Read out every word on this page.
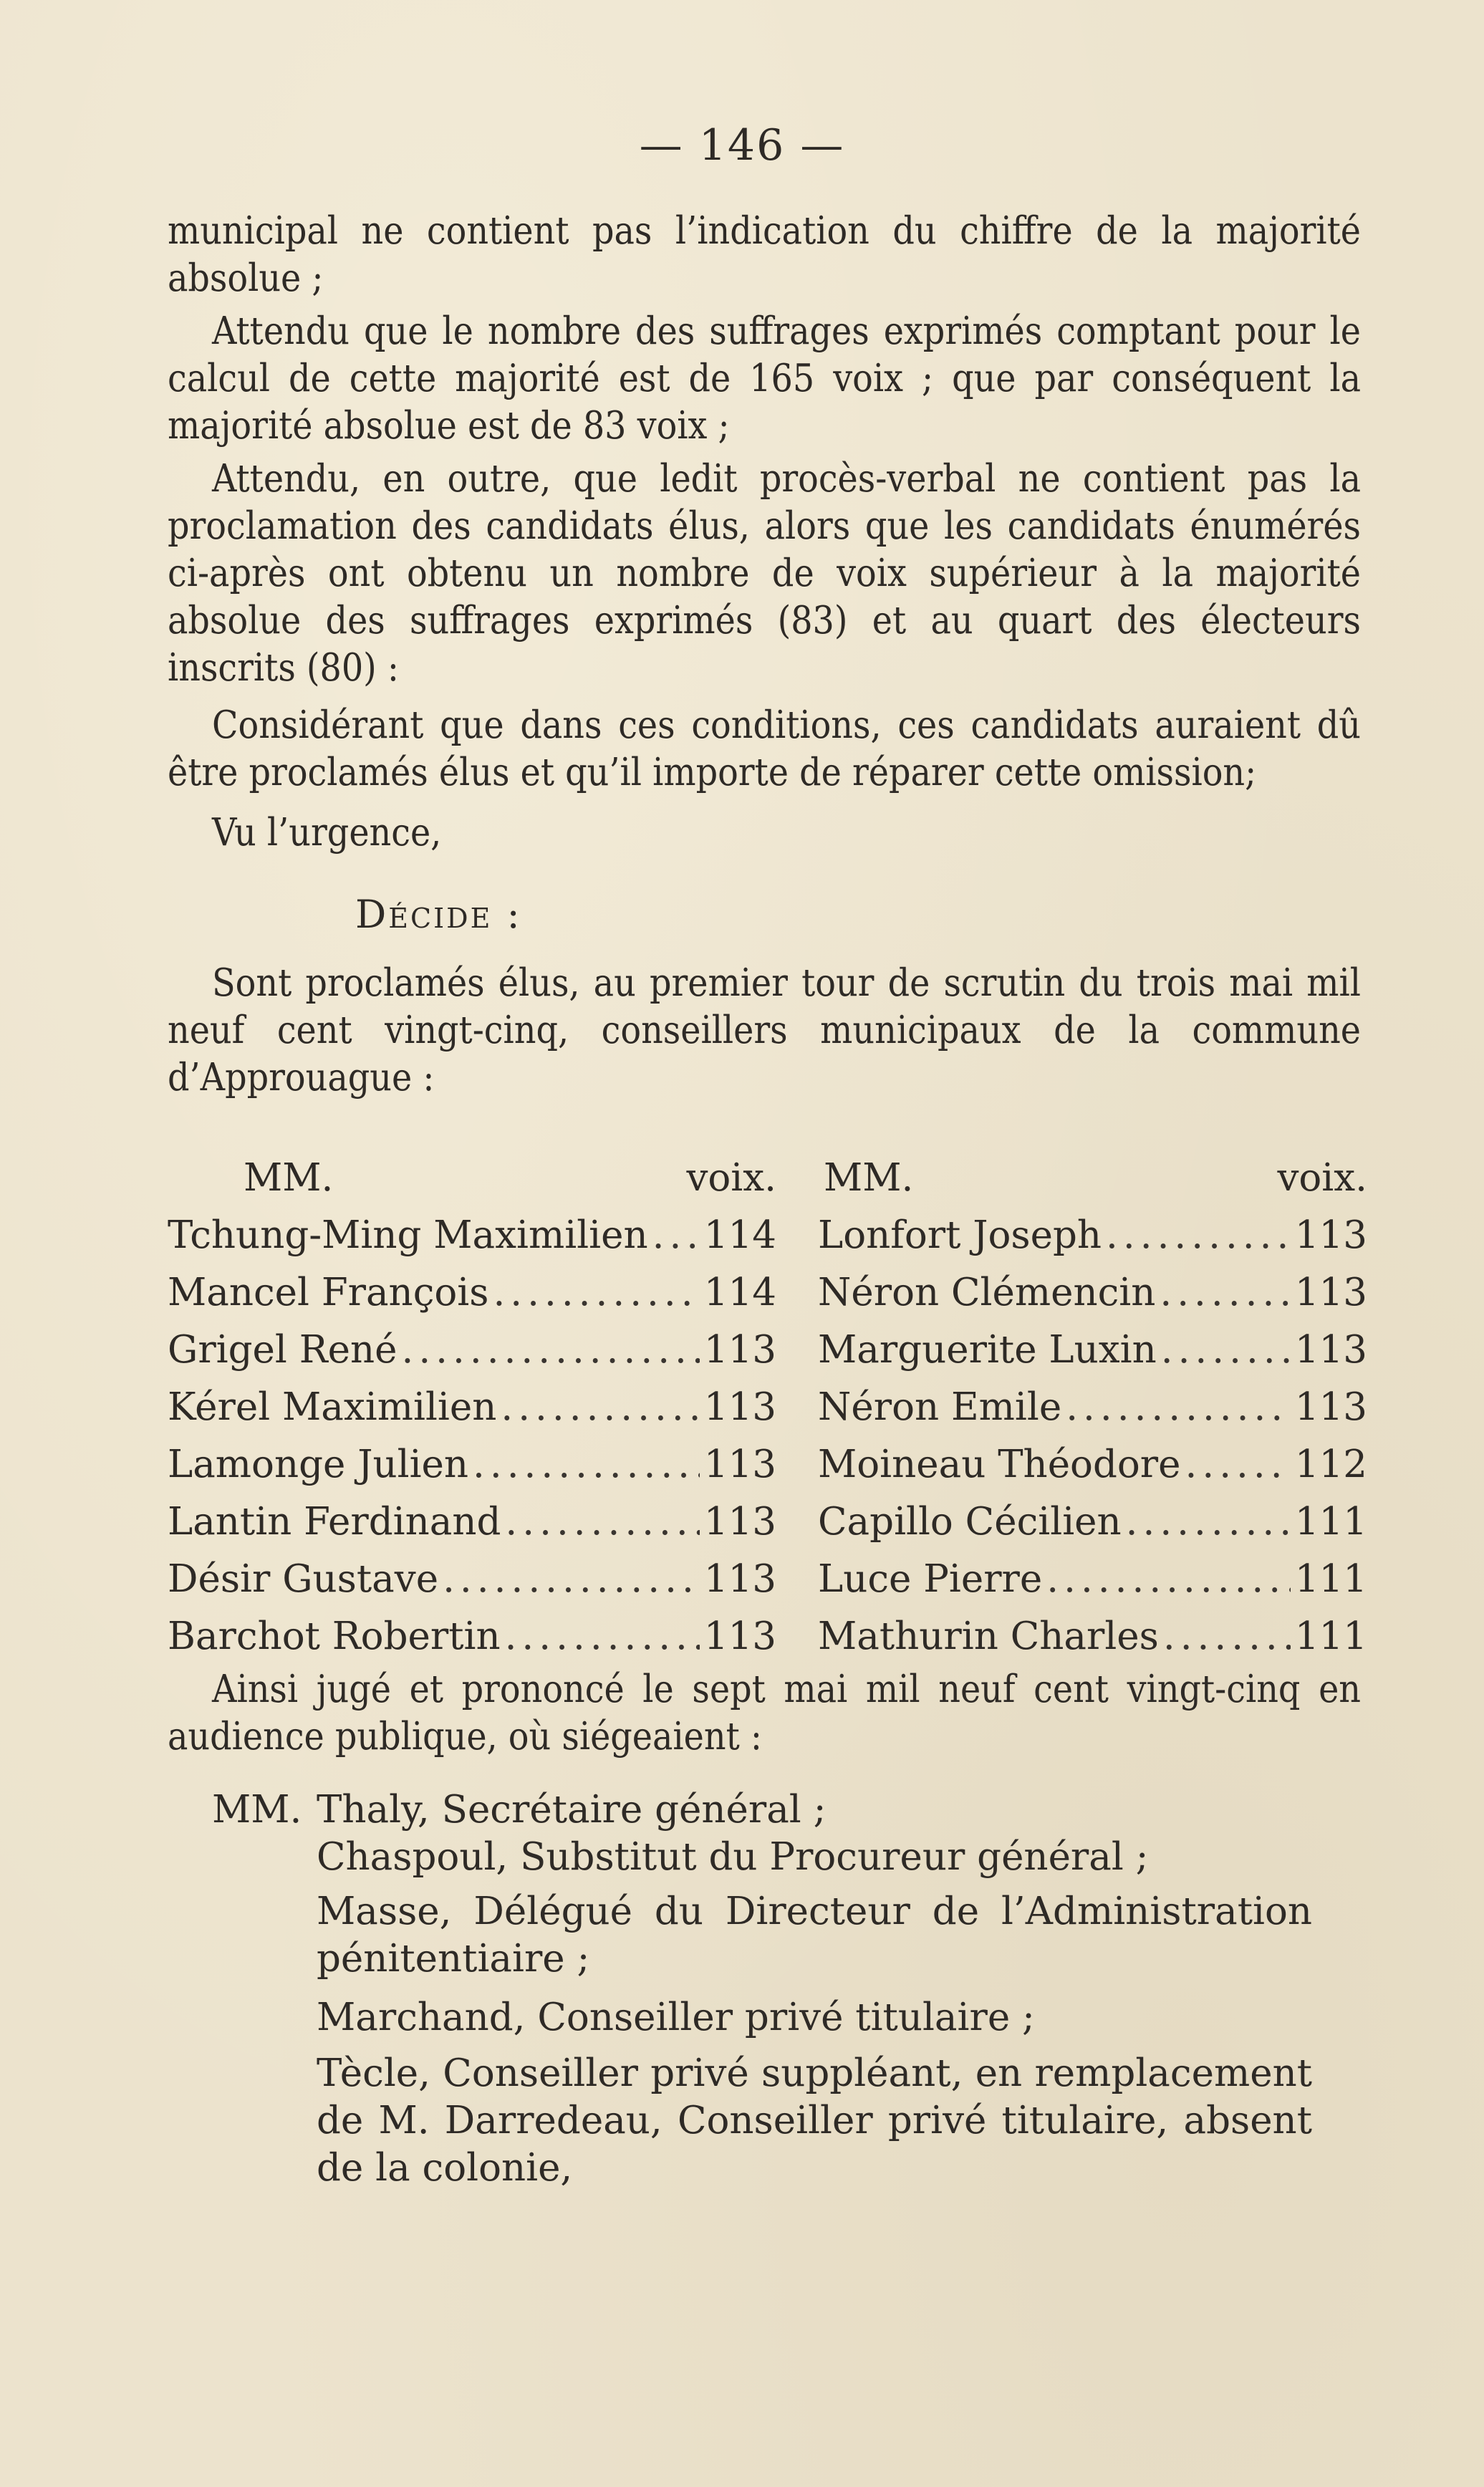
— 146 —

municipal ne contient pas l’indication du chiffre de la majorité absolue ;

Attendu que le nombre des suffrages exprimés comptant pour le calcul de cette majorité est de 165 voix ; que par conséquent la majorité absolue est de 83 voix ;

Attendu, en outre, que ledit procès-verbal ne contient pas la proclamation des candidats élus, alors que les candidats énumérés ci-après ont obtenu un nombre de voix supérieur à la majorité absolue des suffrages exprimés (83) et au quart des électeurs inscrits (80) :

Considérant que dans ces conditions, ces candidats auraient dû être proclamés élus et qu’il importe de réparer cette omission;

Vu l’urgence,

Décide :

Sont proclamés élus, au premier tour de scrutin du trois mai mil neuf cent vingt-cinq, conseillers municipaux de la commune d’Approuague :

MM.	voix.
Tchung-Ming Maximilien ..... 114
Mancel François .....	114
Grigel René .....	113
Kérel Maximilien .....	113
Lamonge Julien .....	113
Lantin Ferdinand .....	113
Désir Gustave .....	113
Barchot Robertin .....	113
MM.	voix.
Lonfort Joseph .....	113
Néron Clémencin .....	113
Marguerite Luxin .....	113
Néron Emile .....	113
Moineau Théodore .....	112
Capillo Cécilien .....	111
Luce Pierre .....	111
Mathurin Charles .....	111

Ainsi jugé et prononcé le sept mai mil neuf cent vingt-cinq en audience publique, où siégeaient :

MM. Thaly, Secrétaire général ;
Chaspoul, Substitut du Procureur général ;
Masse, Délégué du Directeur de l’Administration pénitentiaire ;
Marchand, Conseiller privé titulaire ;
Tècle, Conseiller privé suppléant, en remplacement de M. Darredeau, Conseiller privé titulaire, absent de la colonie,
